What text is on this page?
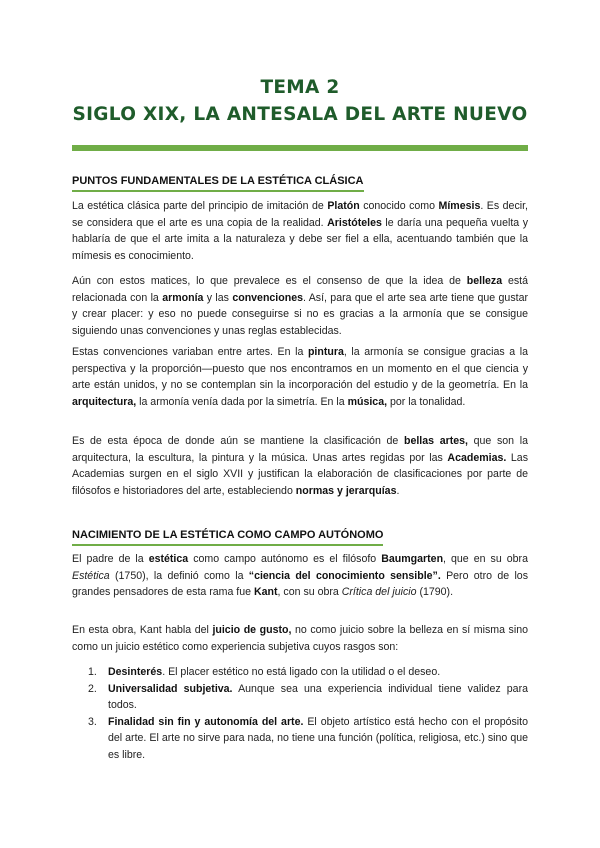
TEMA 2
SIGLO XIX, LA ANTESALA DEL ARTE NUEVO
PUNTOS FUNDAMENTALES DE LA ESTÉTICA CLÁSICA

La estética clásica parte del principio de imitación de Platón conocido como Mímesis. Es decir, se considera que el arte es una copia de la realidad. Aristóteles le daría una pequeña vuelta y hablaría de que el arte imita a la naturaleza y debe ser fiel a ella, acentuando también que la mímesis es conocimiento.

Aún con estos matices, lo que prevalece es el consenso de que la idea de belleza está relacionada con la armonía y las convenciones. Así, para que el arte sea arte tiene que gustar y crear placer: y eso no puede conseguirse si no es gracias a la armonía que se consigue siguiendo unas convenciones y unas reglas establecidas.

Estas convenciones variaban entre artes. En la pintura, la armonía se consigue gracias a la perspectiva y la proporción—puesto que nos encontramos en un momento en el que ciencia y arte están unidos, y no se contemplan sin la incorporación del estudio y de la geometría. En la arquitectura, la armonía venía dada por la simetría. En la música, por la tonalidad.

Es de esta época de donde aún se mantiene la clasificación de bellas artes, que son la arquitectura, la escultura, la pintura y la música. Unas artes regidas por las Academias. Las Academias surgen en el siglo XVII y justifican la elaboración de clasificaciones por parte de filósofos e historiadores del arte, estableciendo normas y jerarquías.

NACIMIENTO DE LA ESTÉTICA COMO CAMPO AUTÓNOMO

El padre de la estética como campo autónomo es el filósofo Baumgarten, que en su obra Estética (1750), la definió como la “ciencia del conocimiento sensible”. Pero otro de los grandes pensadores de esta rama fue Kant, con su obra Crítica del juicio (1790).

En esta obra, Kant habla del juicio de gusto, no como juicio sobre la belleza en sí misma sino como un juicio estético como experiencia subjetiva cuyos rasgos son:

1. Desinterés. El placer estético no está ligado con la utilidad o el deseo.
2. Universalidad subjetiva. Aunque sea una experiencia individual tiene validez para todos.
3. Finalidad sin fin y autonomía del arte. El objeto artístico está hecho con el propósito del arte. El arte no sirve para nada, no tiene una función (política, religiosa, etc.) sino que es libre.
